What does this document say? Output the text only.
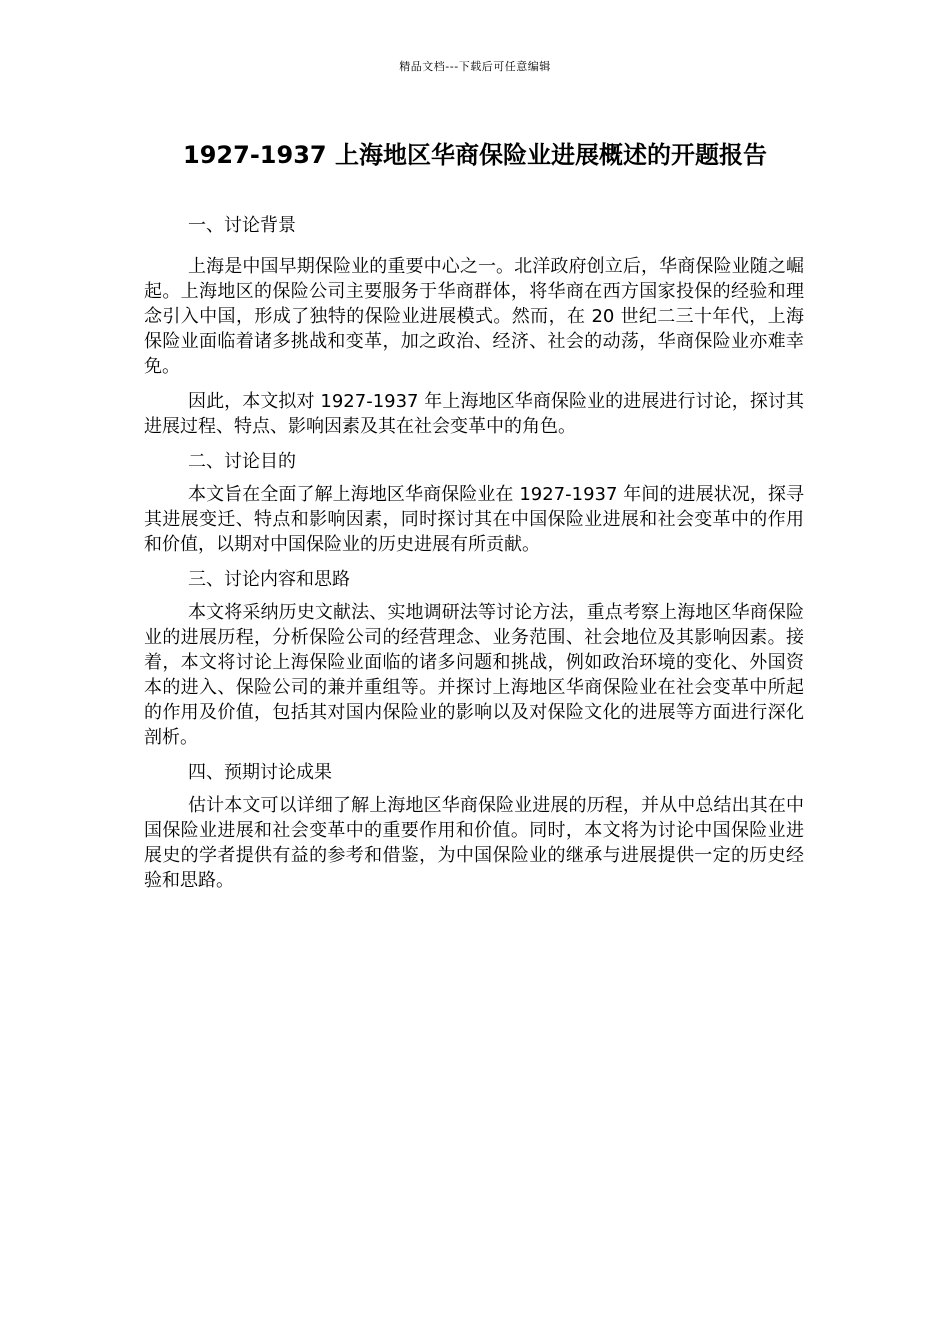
精品文档---下载后可任意编辑
1927-1937 上海地区华商保险业进展概述的开题报告

一、讨论背景

上海是中国早期保险业的重要中心之一。北洋政府创立后，华商保险业随之崛起。上海地区的保险公司主要服务于华商群体，将华商在西方国家投保的经验和理念引入中国，形成了独特的保险业进展模式。然而，在 20 世纪二三十年代，上海保险业面临着诸多挑战和变革，加之政治、经济、社会的动荡，华商保险业亦难幸免。

因此，本文拟对 1927-1937 年上海地区华商保险业的进展进行讨论，探讨其进展过程、特点、影响因素及其在社会变革中的角色。

二、讨论目的

本文旨在全面了解上海地区华商保险业在 1927-1937 年间的进展状况，探寻其进展变迁、特点和影响因素，同时探讨其在中国保险业进展和社会变革中的作用和价值，以期对中国保险业的历史进展有所贡献。

三、讨论内容和思路

本文将采纳历史文献法、实地调研法等讨论方法，重点考察上海地区华商保险业的进展历程，分析保险公司的经营理念、业务范围、社会地位及其影响因素。接着，本文将讨论上海保险业面临的诸多问题和挑战，例如政治环境的变化、外国资本的进入、保险公司的兼并重组等。并探讨上海地区华商保险业在社会变革中所起的作用及价值，包括其对国内保险业的影响以及对保险文化的进展等方面进行深化剖析。

四、预期讨论成果

估计本文可以详细了解上海地区华商保险业进展的历程，并从中总结出其在中国保险业进展和社会变革中的重要作用和价值。同时，本文将为讨论中国保险业进展史的学者提供有益的参考和借鉴，为中国保险业的继承与进展提供一定的历史经验和思路。
